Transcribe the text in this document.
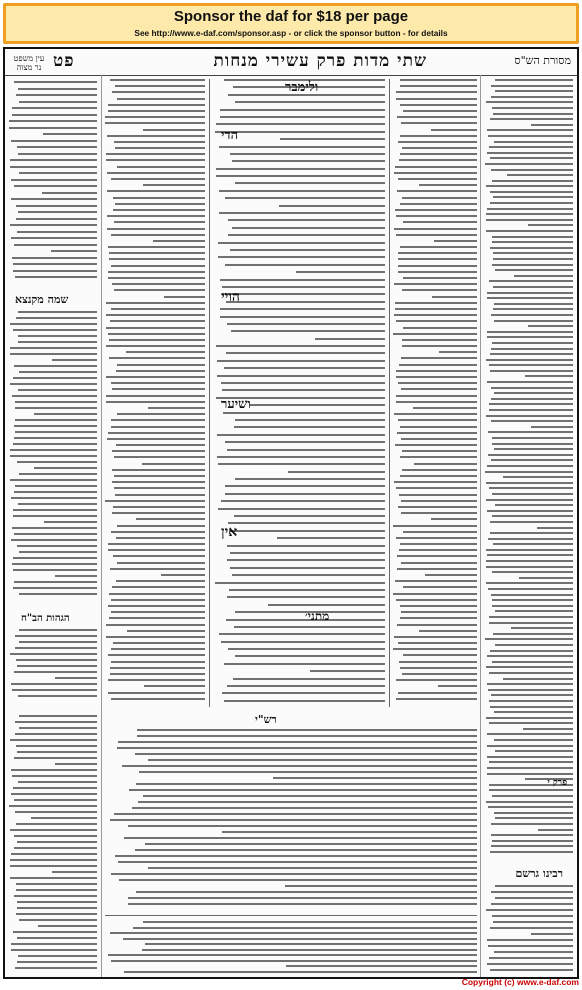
Sponsor the daf for $18 per page
See http://www.e-daf.com/sponsor.asp - or click the sponsor button - for details
מסורת הש"ס
שתי מדות פרק עשירי מנחות
פט
עין משפט
נר מצוה
שמה מקנצא
הגהות הב"ח
רבינו גרשם
ולימבר
הדי
הויי
ושיער
אין
מתני׳
רש"י
פרק י
Copyright (c) www.e-daf.com
